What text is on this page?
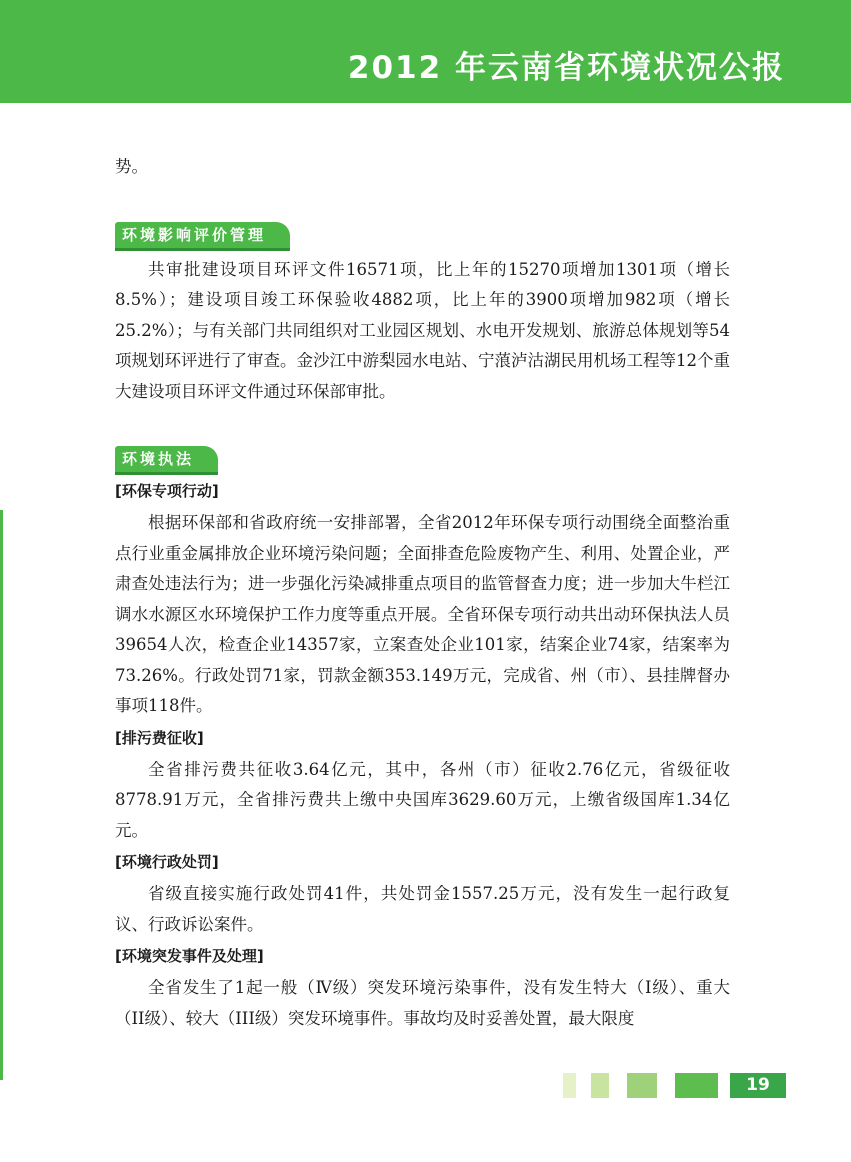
2012 年云南省环境状况公报

势。

环境影响评价管理

共审批建设项目环评文件16571项，比上年的15270项增加1301项（增长8.5%）；建设项目竣工环保验收4882项，比上年的3900项增加982项（增长25.2%）；与有关部门共同组织对工业园区规划、水电开发规划、旅游总体规划等54项规划环评进行了审查。金沙江中游梨园水电站、宁蒗泸沽湖民用机场工程等12个重大建设项目环评文件通过环保部审批。

环境执法

[环保专项行动]

根据环保部和省政府统一安排部署，全省2012年环保专项行动围绕全面整治重点行业重金属排放企业环境污染问题；全面排查危险废物产生、利用、处置企业，严肃查处违法行为；进一步强化污染减排重点项目的监管督查力度；进一步加大牛栏江调水水源区水环境保护工作力度等重点开展。全省环保专项行动共出动环保执法人员39654人次，检查企业14357家，立案查处企业101家，结案企业74家，结案率为73.26%。行政处罚71家，罚款金额353.149万元，完成省、州（市）、县挂牌督办事项118件。

[排污费征收]

全省排污费共征收3.64亿元，其中，各州（市）征收2.76亿元，省级征收8778.91万元，全省排污费共上缴中央国库3629.60万元，上缴省级国库1.34亿元。

[环境行政处罚]

省级直接实施行政处罚41件，共处罚金1557.25万元，没有发生一起行政复议、行政诉讼案件。

[环境突发事件及处理]

全省发生了1起一般（Ⅳ级）突发环境污染事件，没有发生特大（I级）、重大（II级）、较大（III级）突发环境事件。事故均及时妥善处置，最大限度

19
